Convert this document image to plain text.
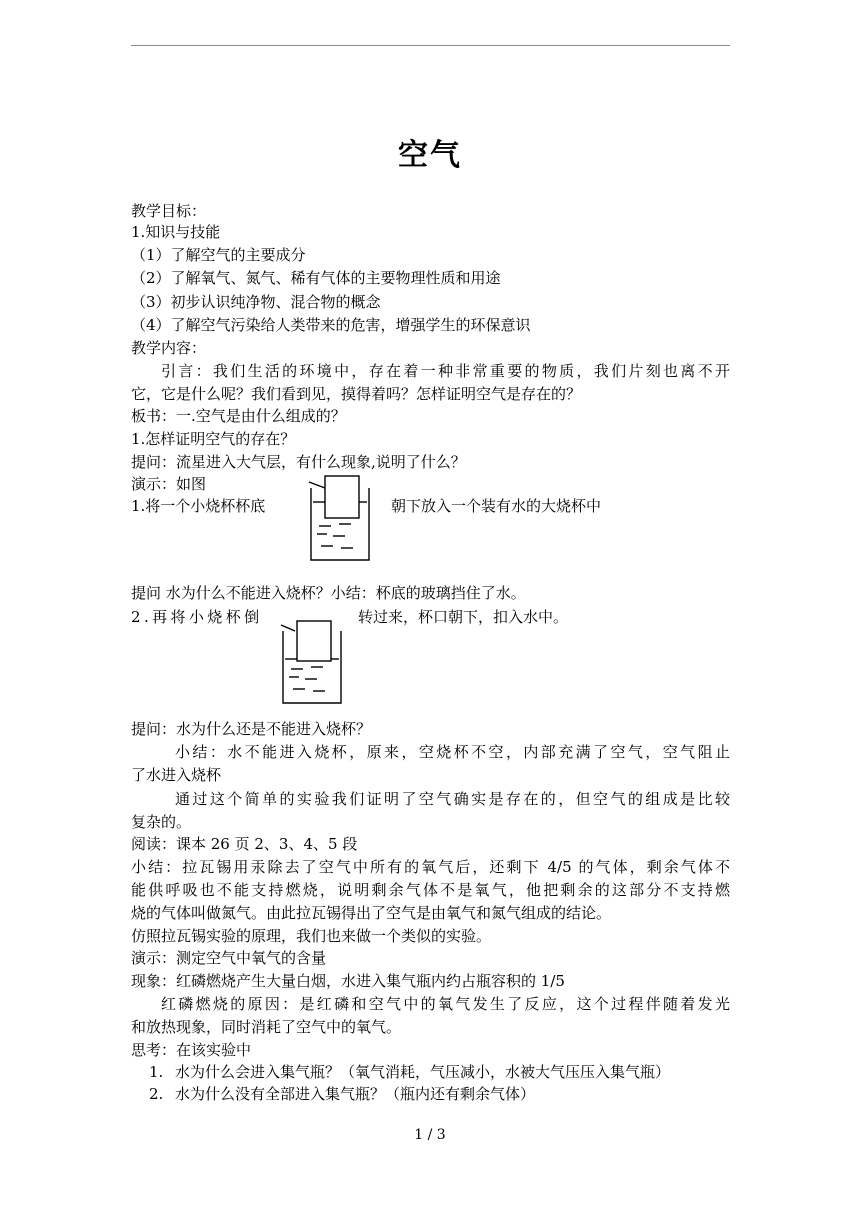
空气
教学目标：
1.知识与技能
（1）了解空气的主要成分
（2）了解氧气、氮气、稀有气体的主要物理性质和用途
（3）初步认识纯净物、混合物的概念
（4）了解空气污染给人类带来的危害，增强学生的环保意识
教学内容：
引言：我们生活的环境中，存在着一种非常重要的物质，我们片刻也离不开
它，它是什么呢？我们看到见，摸得着吗？怎样证明空气是存在的？
板书：一.空气是由什么组成的？
1.怎样证明空气的存在？
提问：流星进入大气层，有什么现象,说明了什么？
演示：如图
1.将一个小烧杯杯底	朝下放入一个装有水的大烧杯中
提问 水为什么不能进入烧杯？小结：杯底的玻璃挡住了水。
2.再将小烧杯倒	转过来，杯口朝下，扣入水中。
提问：水为什么还是不能进入烧杯？
小结：水不能进入烧杯，原来，空烧杯不空，内部充满了空气，空气阻止
了水进入烧杯
通过这个简单的实验我们证明了空气确实是存在的，但空气的组成是比较
复杂的。
阅读：课本 26 页 2、3、4、5 段
小结：拉瓦锡用汞除去了空气中所有的氧气后，还剩下 4/5 的气体，剩余气体不
能供呼吸也不能支持燃烧，说明剩余气体不是氧气，他把剩余的这部分不支持燃
烧的气体叫做氮气。由此拉瓦锡得出了空气是由氧气和氮气组成的结论。
仿照拉瓦锡实验的原理，我们也来做一个类似的实验。
演示：测定空气中氧气的含量
现象：红磷燃烧产生大量白烟，水进入集气瓶内约占瓶容积的 1/5
红磷燃烧的原因：是红磷和空气中的氧气发生了反应，这个过程伴随着发光
和放热现象，同时消耗了空气中的氧气。
思考：在该实验中
1. 水为什么会进入集气瓶？（氧气消耗，气压减小，水被大气压压入集气瓶）
2. 水为什么没有全部进入集气瓶？（瓶内还有剩余气体）
1 / 3
